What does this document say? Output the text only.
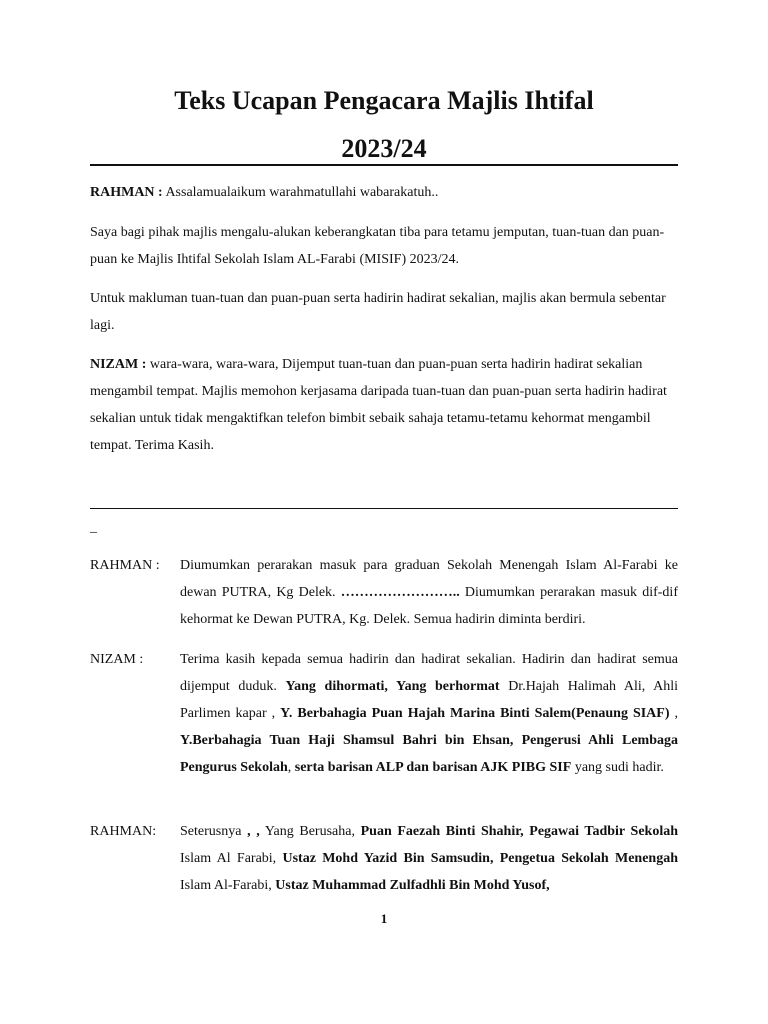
Teks Ucapan Pengacara Majlis Ihtifal
2023/24
RAHMAN : Assalamualaikum warahmatullahi wabarakatuh..
Saya bagi pihak majlis mengalu-alukan keberangkatan tiba para tetamu jemputan, tuan-tuan dan puan-puan ke Majlis Ihtifal Sekolah Islam AL-Farabi (MISIF) 2023/24.
Untuk makluman tuan-tuan dan puan-puan serta hadirin hadirat sekalian, majlis akan bermula sebentar lagi.
NIZAM : wara-wara, wara-wara, Dijemput tuan-tuan dan puan-puan serta hadirin hadirat sekalian mengambil tempat. Majlis memohon kerjasama daripada tuan-tuan dan puan-puan serta hadirin hadirat sekalian untuk tidak mengaktifkan telefon bimbit sebaik sahaja tetamu-tetamu kehormat mengambil tempat. Terima Kasih.
_
RAHMAN :	Diumumkan perarakan masuk para graduan Sekolah Menengah Islam Al-Farabi ke dewan PUTRA, Kg Delek. …………………….. Diumumkan perarakan masuk dif-dif kehormat ke Dewan PUTRA, Kg. Delek. Semua hadirin diminta berdiri.
NIZAM :	Terima kasih kepada semua hadirin dan hadirat sekalian. Hadirin dan hadirat semua dijemput duduk. Yang dihormati, Yang berhormat Dr.Hajah Halimah Ali, Ahli Parlimen kapar , Y. Berbahagia Puan Hajah Marina Binti Salem(Penaung SIAF) , Y.Berbahagia Tuan Haji Shamsul Bahri bin Ehsan, Pengerusi Ahli Lembaga Pengurus Sekolah, serta barisan ALP dan barisan AJK PIBG SIF yang sudi hadir.
RAHMAN:	Seterusnya , , Yang Berusaha, Puan Faezah Binti Shahir, Pegawai Tadbir Sekolah Islam Al Farabi, Ustaz Mohd Yazid Bin Samsudin, Pengetua Sekolah Menengah Islam Al-Farabi, Ustaz Muhammad Zulfadhli Bin Mohd Yusof,
1
